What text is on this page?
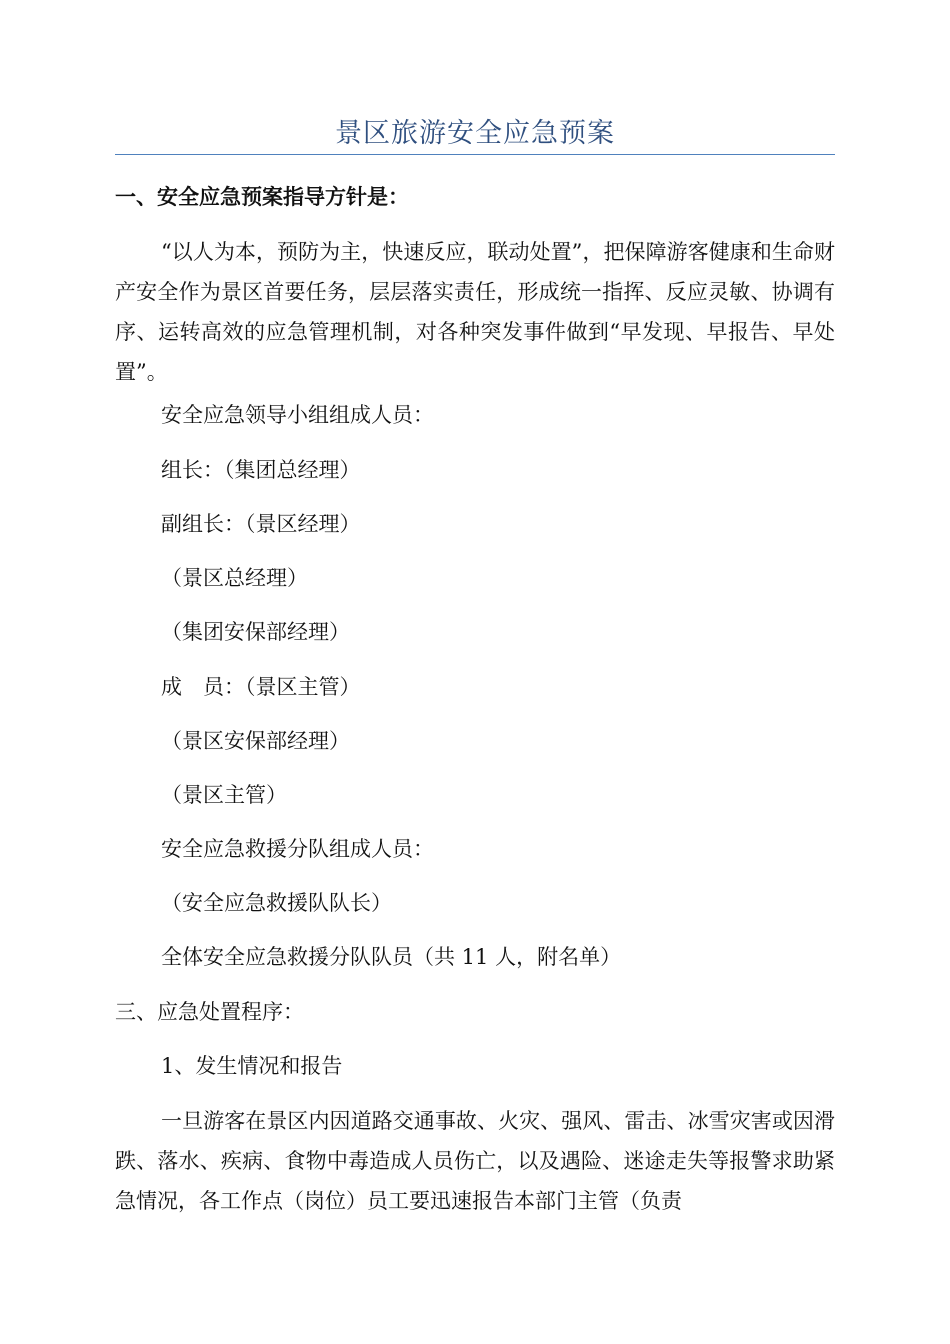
景区旅游安全应急预案
一、安全应急预案指导方针是：

“以人为本，预防为主，快速反应，联动处置”，把保障游客健康和生命财产安全作为景区首要任务，层层落实责任，形成统一指挥、反应灵敏、协调有序、运转高效的应急管理机制，对各种突发事件做到“早发现、早报告、早处置”。

安全应急领导小组组成人员：
组长：（集团总经理）
副组长：（景区经理）
（景区总经理）
（集团安保部经理）
成　员：（景区主管）
（景区安保部经理）
（景区主管）
安全应急救援分队组成人员：
（安全应急救援队队长）
全体安全应急救援分队队员（共 11 人，附名单）
三、应急处置程序：
1、发生情况和报告

一旦游客在景区内因道路交通事故、火灾、强风、雷击、冰雪灾害或因滑跌、落水、疾病、食物中毒造成人员伤亡，以及遇险、迷途走失等报警求助紧急情况，各工作点（岗位）员工要迅速报告本部门主管（负责
